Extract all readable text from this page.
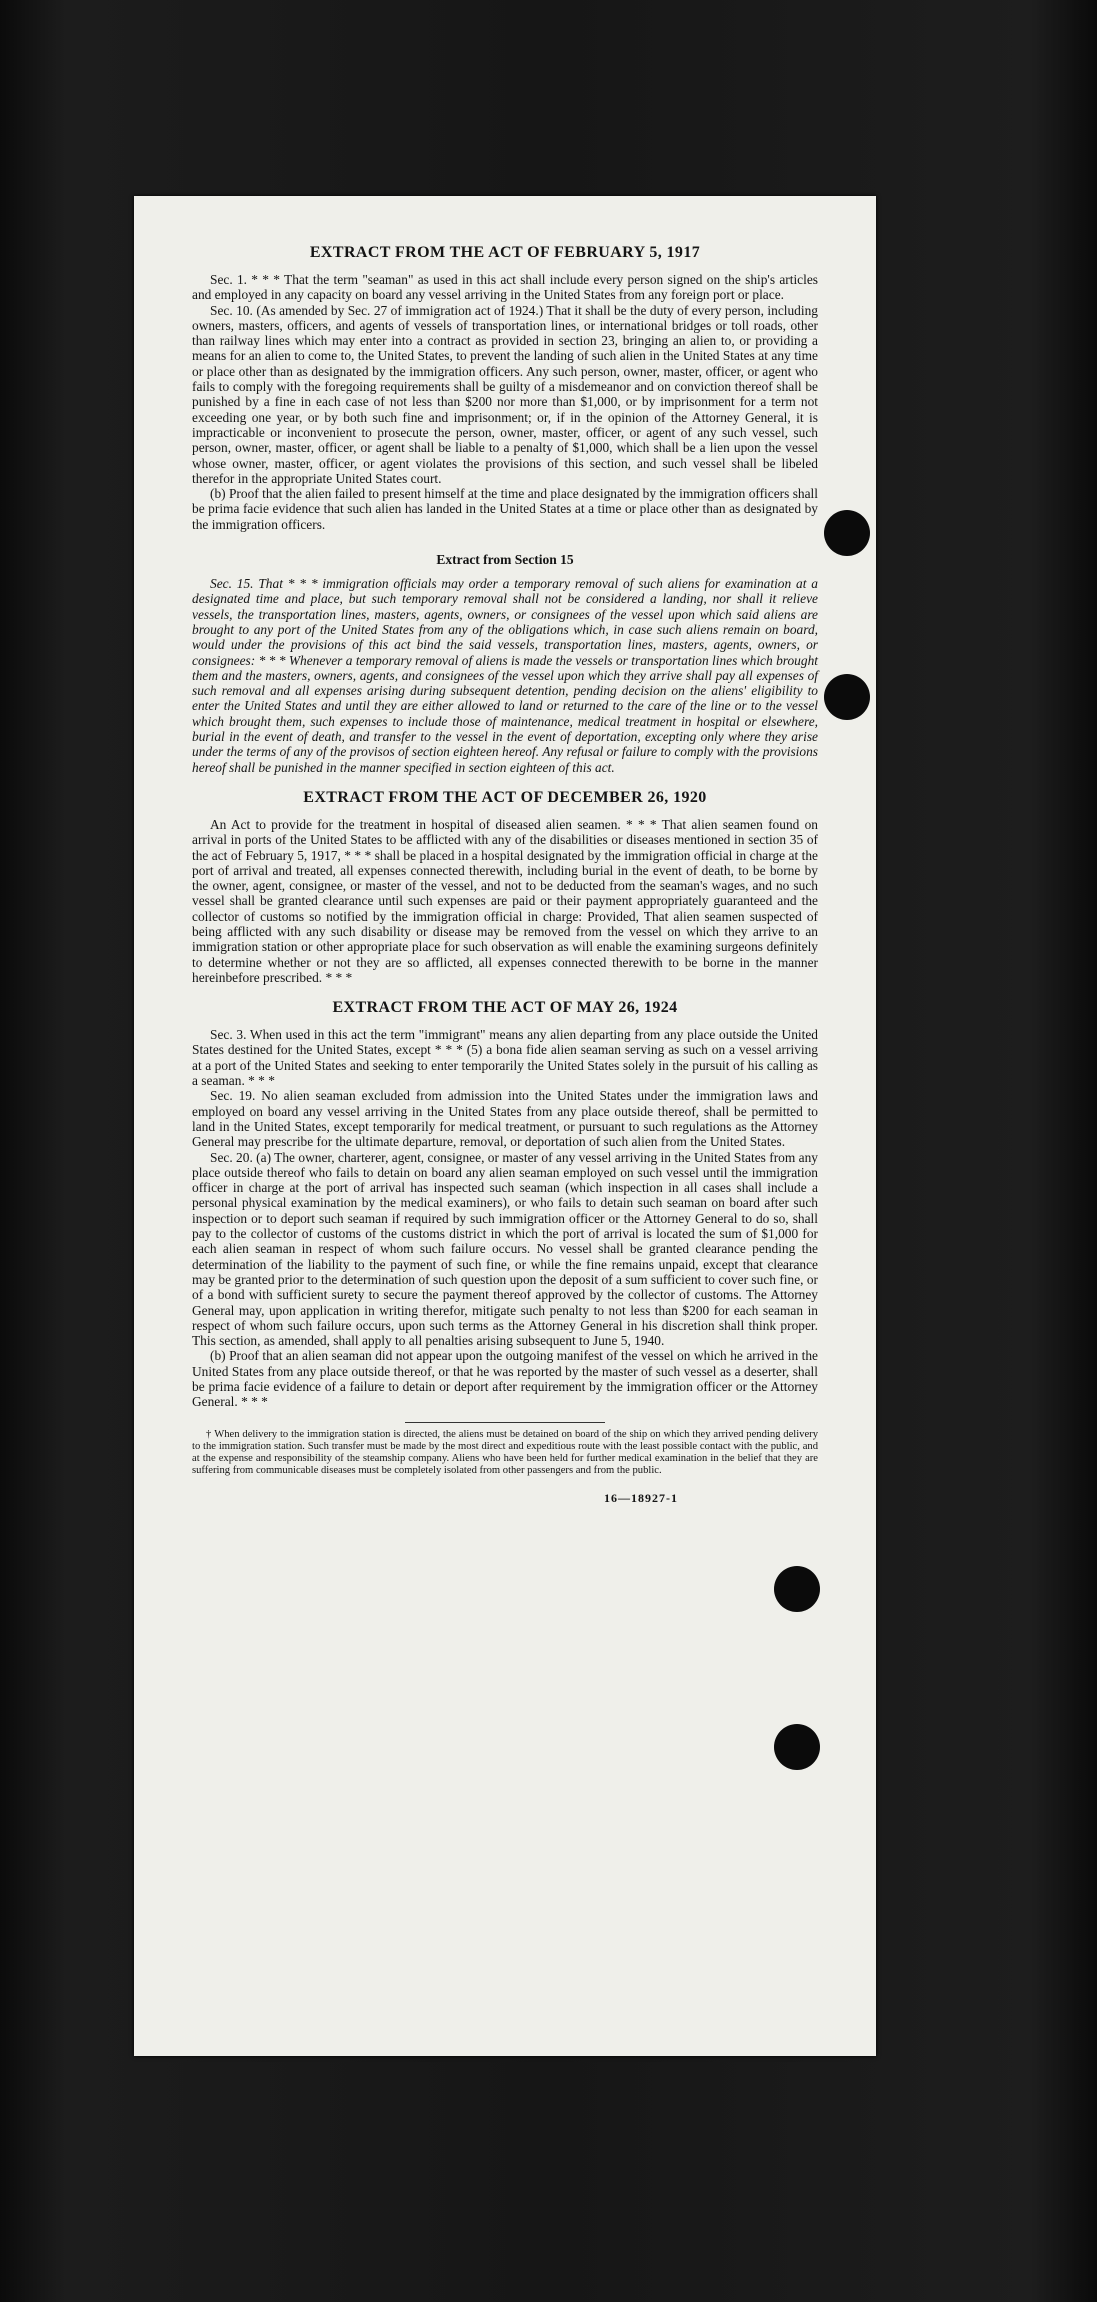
EXTRACT FROM THE ACT OF FEBRUARY 5, 1917

Sec. 1. * * * That the term "seaman" as used in this act shall include every person signed on the ship's articles and employed in any capacity on board any vessel arriving in the United States from any foreign port or place.

Sec. 10. (As amended by Sec. 27 of immigration act of 1924.) That it shall be the duty of every person, including owners, masters, officers, and agents of vessels of transportation lines, or international bridges or toll roads, other than railway lines which may enter into a contract as provided in section 23, bringing an alien to, or providing a means for an alien to come to, the United States, to prevent the landing of such alien in the United States at any time or place other than as designated by the immigration officers. Any such person, owner, master, officer, or agent who fails to comply with the foregoing requirements shall be guilty of a misdemeanor and on conviction thereof shall be punished by a fine in each case of not less than $200 nor more than $1,000, or by imprisonment for a term not exceeding one year, or by both such fine and imprisonment; or, if in the opinion of the Attorney General, it is impracticable or inconvenient to prosecute the person, owner, master, officer, or agent of any such vessel, such person, owner, master, officer, or agent shall be liable to a penalty of $1,000, which shall be a lien upon the vessel whose owner, master, officer, or agent violates the provisions of this section, and such vessel shall be libeled therefor in the appropriate United States court.

(b) Proof that the alien failed to present himself at the time and place designated by the immigration officers shall be prima facie evidence that such alien has landed in the United States at a time or place other than as designated by the immigration officers.

Extract from Section 15

Sec. 15. That * * * immigration officials may order a temporary removal of such aliens for examination at a designated time and place, but such temporary removal shall not be considered a landing, nor shall it relieve vessels, the transportation lines, masters, agents, owners, or consignees of the vessel upon which said aliens are brought to any port of the United States from any of the obligations which, in case such aliens remain on board, would under the provisions of this act bind the said vessels, transportation lines, masters, agents, owners, or consignees: * * * Whenever a temporary removal of aliens is made the vessels or transportation lines which brought them and the masters, owners, agents, and consignees of the vessel upon which they arrive shall pay all expenses of such removal and all expenses arising during subsequent detention, pending decision on the aliens' eligibility to enter the United States and until they are either allowed to land or returned to the care of the line or to the vessel which brought them, such expenses to include those of maintenance, medical treatment in hospital or elsewhere, burial in the event of death, and transfer to the vessel in the event of deportation, excepting only where they arise under the terms of any of the provisos of section eighteen hereof. Any refusal or failure to comply with the provisions hereof shall be punished in the manner specified in section eighteen of this act.

EXTRACT FROM THE ACT OF DECEMBER 26, 1920

An Act to provide for the treatment in hospital of diseased alien seamen. * * * That alien seamen found on arrival in ports of the United States to be afflicted with any of the disabilities or diseases mentioned in section 35 of the act of February 5, 1917, * * * shall be placed in a hospital designated by the immigration official in charge at the port of arrival and treated, all expenses connected therewith, including burial in the event of death, to be borne by the owner, agent, consignee, or master of the vessel, and not to be deducted from the seaman's wages, and no such vessel shall be granted clearance until such expenses are paid or their payment appropriately guaranteed and the collector of customs so notified by the immigration official in charge: Provided, That alien seamen suspected of being afflicted with any such disability or disease may be removed from the vessel on which they arrive to an immigration station or other appropriate place for such observation as will enable the examining surgeons definitely to determine whether or not they are so afflicted, all expenses connected therewith to be borne in the manner hereinbefore prescribed. * * *

EXTRACT FROM THE ACT OF MAY 26, 1924

Sec. 3. When used in this act the term "immigrant" means any alien departing from any place outside the United States destined for the United States, except * * * (5) a bona fide alien seaman serving as such on a vessel arriving at a port of the United States and seeking to enter temporarily the United States solely in the pursuit of his calling as a seaman. * * *

Sec. 19. No alien seaman excluded from admission into the United States under the immigration laws and employed on board any vessel arriving in the United States from any place outside thereof, shall be permitted to land in the United States, except temporarily for medical treatment, or pursuant to such regulations as the Attorney General may prescribe for the ultimate departure, removal, or deportation of such alien from the United States.

Sec. 20. (a) The owner, charterer, agent, consignee, or master of any vessel arriving in the United States from any place outside thereof who fails to detain on board any alien seaman employed on such vessel until the immigration officer in charge at the port of arrival has inspected such seaman (which inspection in all cases shall include a personal physical examination by the medical examiners), or who fails to detain such seaman on board after such inspection or to deport such seaman if required by such immigration officer or the Attorney General to do so, shall pay to the collector of customs of the customs district in which the port of arrival is located the sum of $1,000 for each alien seaman in respect of whom such failure occurs. No vessel shall be granted clearance pending the determination of the liability to the payment of such fine, or while the fine remains unpaid, except that clearance may be granted prior to the determination of such question upon the deposit of a sum sufficient to cover such fine, or of a bond with sufficient surety to secure the payment thereof approved by the collector of customs. The Attorney General may, upon application in writing therefor, mitigate such penalty to not less than $200 for each seaman in respect of whom such failure occurs, upon such terms as the Attorney General in his discretion shall think proper. This section, as amended, shall apply to all penalties arising subsequent to June 5, 1940.

(b) Proof that an alien seaman did not appear upon the outgoing manifest of the vessel on which he arrived in the United States from any place outside thereof, or that he was reported by the master of such vessel as a deserter, shall be prima facie evidence of a failure to detain or deport after requirement by the immigration officer or the Attorney General. * * *

† When delivery to the immigration station is directed, the aliens must be detained on board of the ship on which they arrived pending delivery to the immigration station. Such transfer must be made by the most direct and expeditious route with the least possible contact with the public, and at the expense and responsibility of the steamship company. Aliens who have been held for further medical examination in the belief that they are suffering from communicable diseases must be completely isolated from other passengers and from the public.

16—18927-1
